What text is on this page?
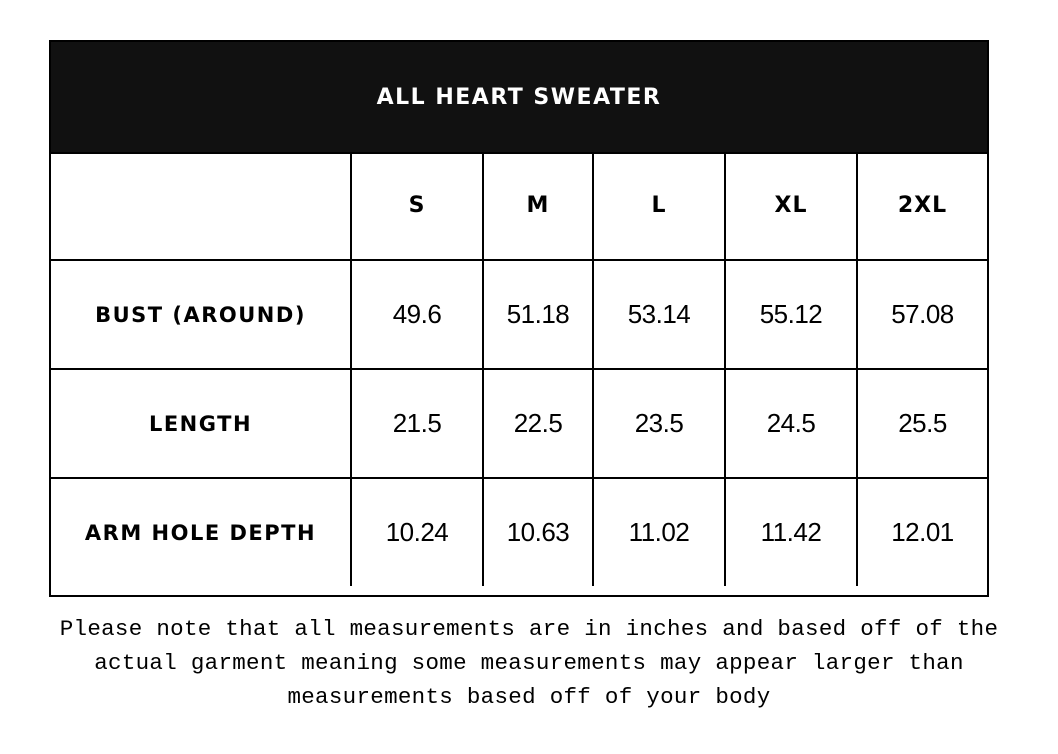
ALL HEART SWEATER
	S	M	L	XL	2XL
BUST (AROUND)	49.6	51.18	53.14	55.12	57.08
LENGTH	21.5	22.5	23.5	24.5	25.5
ARM HOLE DEPTH	10.24	10.63	11.02	11.42	12.01
Please note that all measurements are in inches and based off of the
actual garment meaning some measurements may appear larger than
measurements based off of your body
